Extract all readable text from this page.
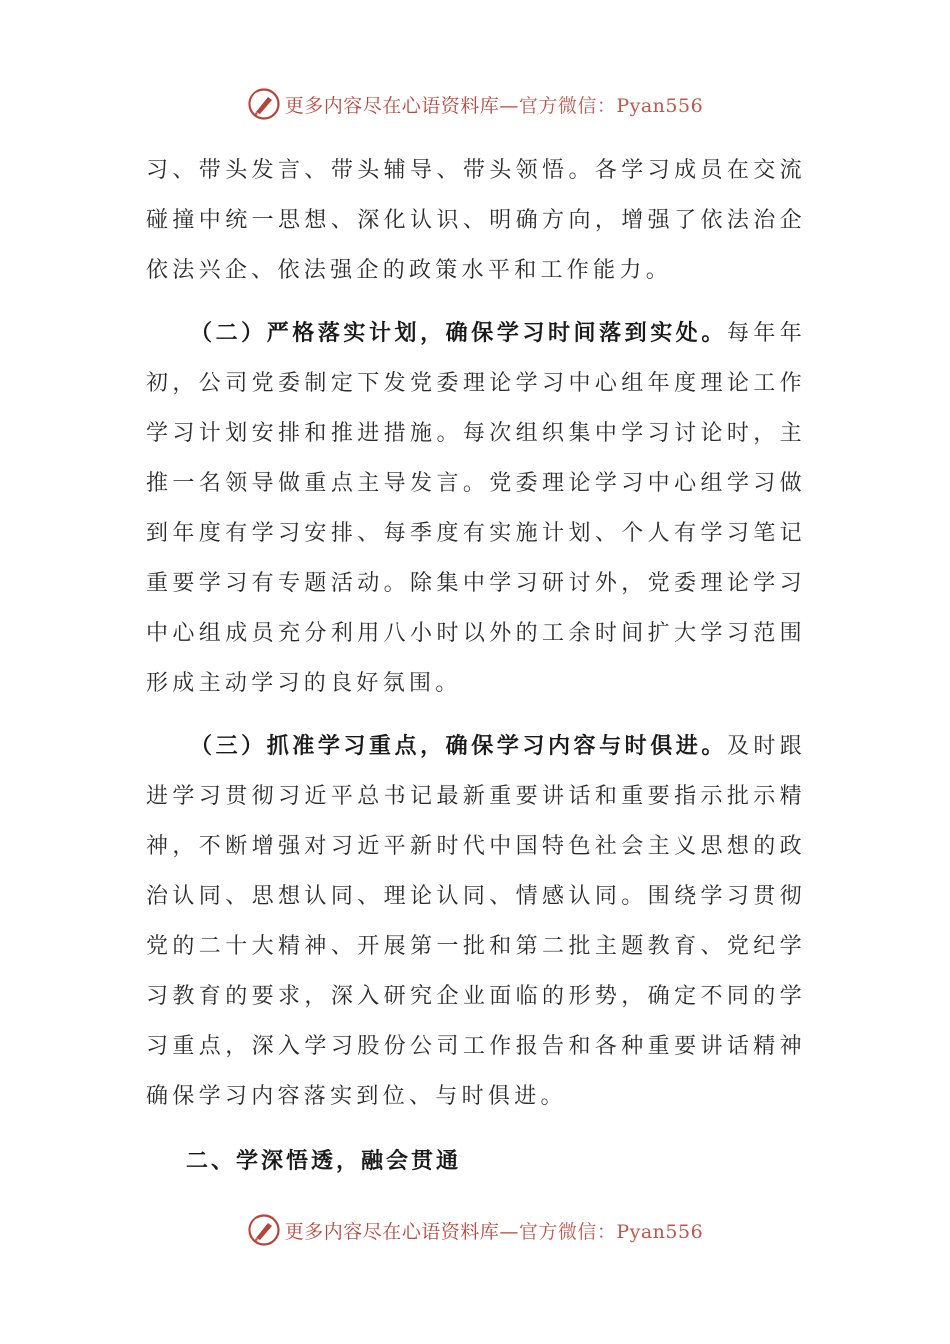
更多内容尽在心语资料库—官方微信：Pyan556

习、带头发言、带头辅导、带头领悟。各学习成员在交流碰撞中统一思想、深化认识、明确方向，增强了依法治企依法兴企、依法强企的政策水平和工作能力。

（二）严格落实计划，确保学习时间落到实处。每年年初，公司党委制定下发党委理论学习中心组年度理论工作学习计划安排和推进措施。每次组织集中学习讨论时，主推一名领导做重点主导发言。党委理论学习中心组学习做到年度有学习安排、每季度有实施计划、个人有学习笔记重要学习有专题活动。除集中学习研讨外，党委理论学习中心组成员充分利用八小时以外的工余时间扩大学习范围形成主动学习的良好氛围。

（三）抓准学习重点，确保学习内容与时俱进。及时跟进学习贯彻习近平总书记最新重要讲话和重要指示批示精神，不断增强对习近平新时代中国特色社会主义思想的政治认同、思想认同、理论认同、情感认同。围绕学习贯彻党的二十大精神、开展第一批和第二批主题教育、党纪学习教育的要求，深入研究企业面临的形势，确定不同的学习重点，深入学习股份公司工作报告和各种重要讲话精神确保学习内容落实到位、与时俱进。

二、学深悟透，融会贯通
更多内容尽在心语资料库—官方微信：Pyan556
